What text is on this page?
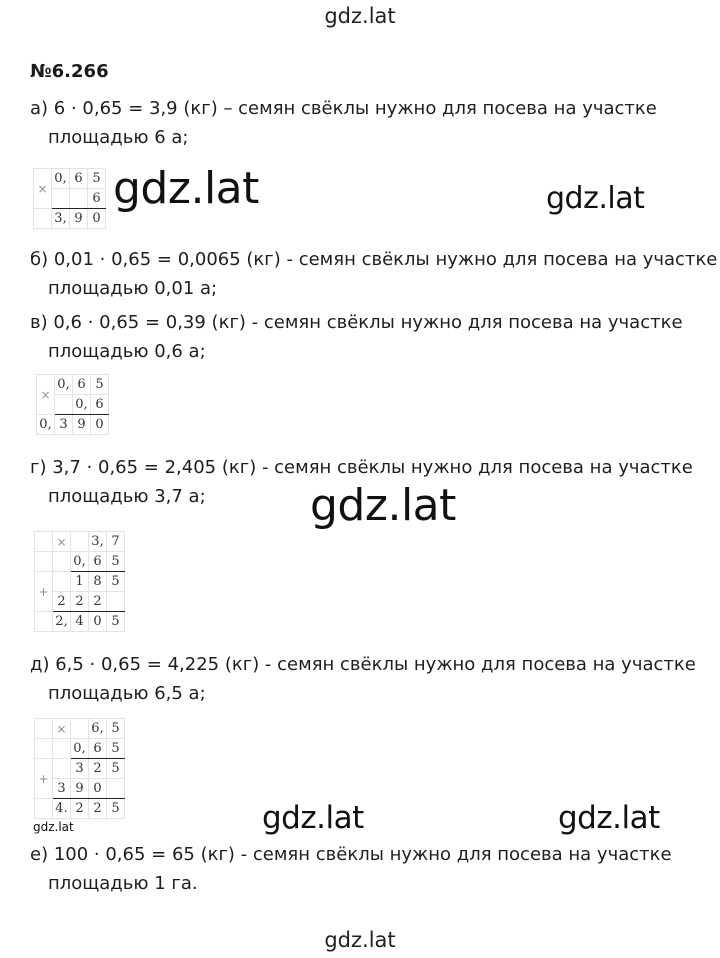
gdz.lat
№6.266
а) 6 · 0,65 = 3,9 (кг) – семян свёклы нужно для посева на участке
площадью 6 а;
×	0,	6	5
			6
	3,	9	0
б) 0,01 · 0,65 = 0,0065 (кг) - семян свёклы нужно для посева на участке
площадью 0,01 а;
в) 0,6 · 0,65 = 0,39 (кг) - семян свёклы нужно для посева на участке
площадью 0,6 а;
×	0,	6	5
		0,	6
0,	3	9	0
г) 3,7 · 0,65 = 2,405 (кг) - семян свёклы нужно для посева на участке
площадью 3,7 а;
	×		3,	7
		0,	6	5
+		1	8	5
	2	2	2	
	2,	4	0	5
д) 6,5 · 0,65 = 4,225 (кг) - семян свёклы нужно для посева на участке
площадью 6,5 а;
	×		6,	5
		0,	6	5
+		3	2	5
	3	9	0	
	4.	2	2	5
е) 100 · 0,65 = 65 (кг) - семян свёклы нужно для посева на участке
площадью 1 га.
gdz.lat	gdz.lat
gdz.lat
gdz.lat	gdz.lat
gdz.lat
gdz.lat
